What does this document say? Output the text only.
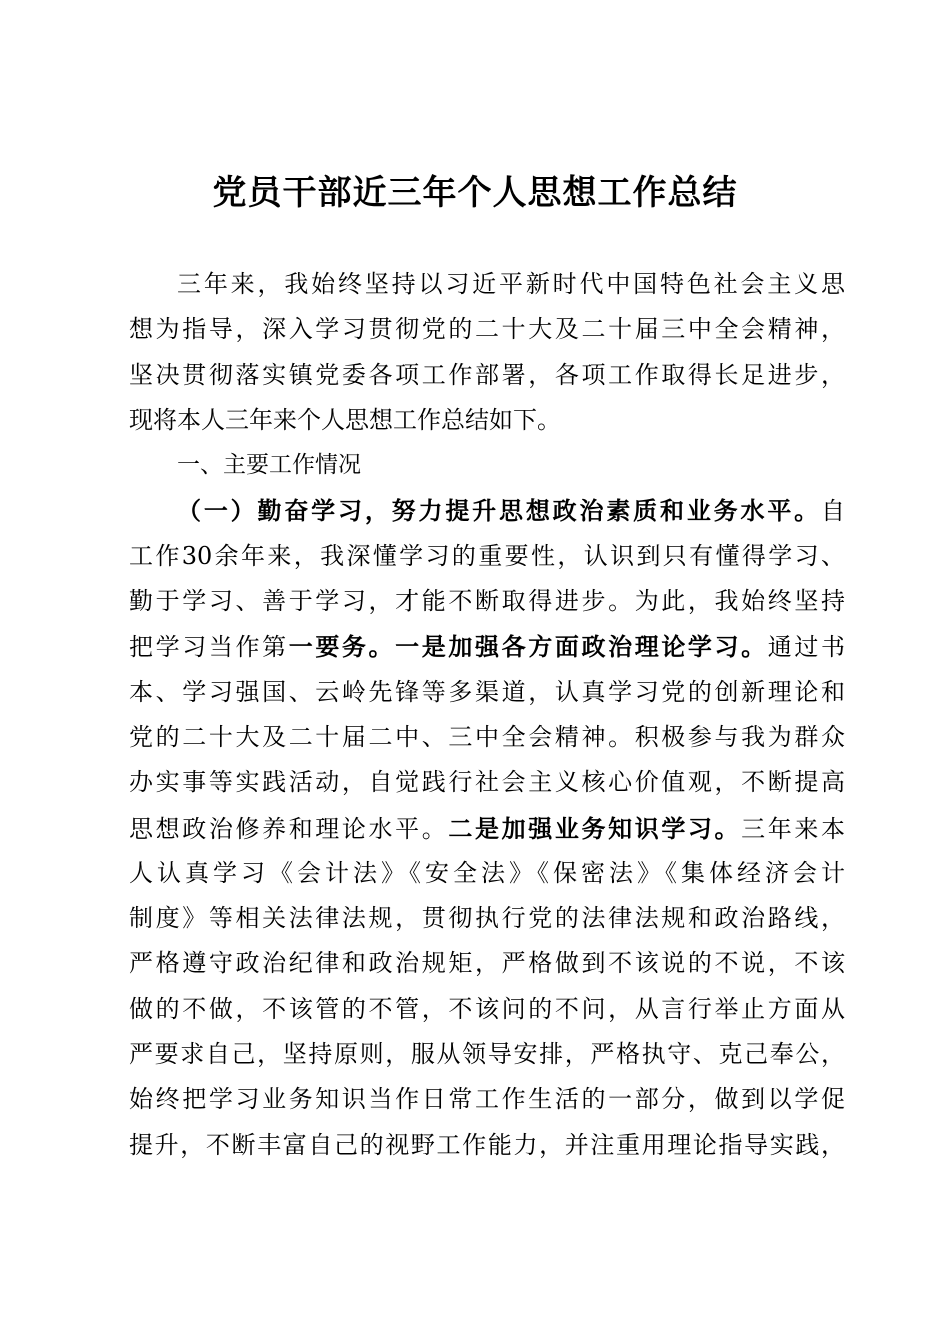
党员干部近三年个人思想工作总结
三年来，我始终坚持以习近平新时代中国特色社会主义思
想为指导，深入学习贯彻党的二十大及二十届三中全会精神，
坚决贯彻落实镇党委各项工作部署，各项工作取得长足进步，
现将本人三年来个人思想工作总结如下。
一、主要工作情况
（一）勤奋学习，努力提升思想政治素质和业务水平。自
工作30余年来，我深懂学习的重要性，认识到只有懂得学习、
勤于学习、善于学习，才能不断取得进步。为此，我始终坚持
把学习当作第一要务。一是加强各方面政治理论学习。通过书
本、学习强国、云岭先锋等多渠道，认真学习党的创新理论和
党的二十大及二十届二中、三中全会精神。积极参与我为群众
办实事等实践活动，自觉践行社会主义核心价值观，不断提高
思想政治修养和理论水平。二是加强业务知识学习。三年来本
人认真学习《会计法》《安全法》《保密法》《集体经济会计
制度》等相关法律法规，贯彻执行党的法律法规和政治路线，
严格遵守政治纪律和政治规矩，严格做到不该说的不说，不该
做的不做，不该管的不管，不该问的不问，从言行举止方面从
严要求自己，坚持原则，服从领导安排，严格执守、克己奉公，
始终把学习业务知识当作日常工作生活的一部分，做到以学促
提升，不断丰富自己的视野工作能力，并注重用理论指导实践，
